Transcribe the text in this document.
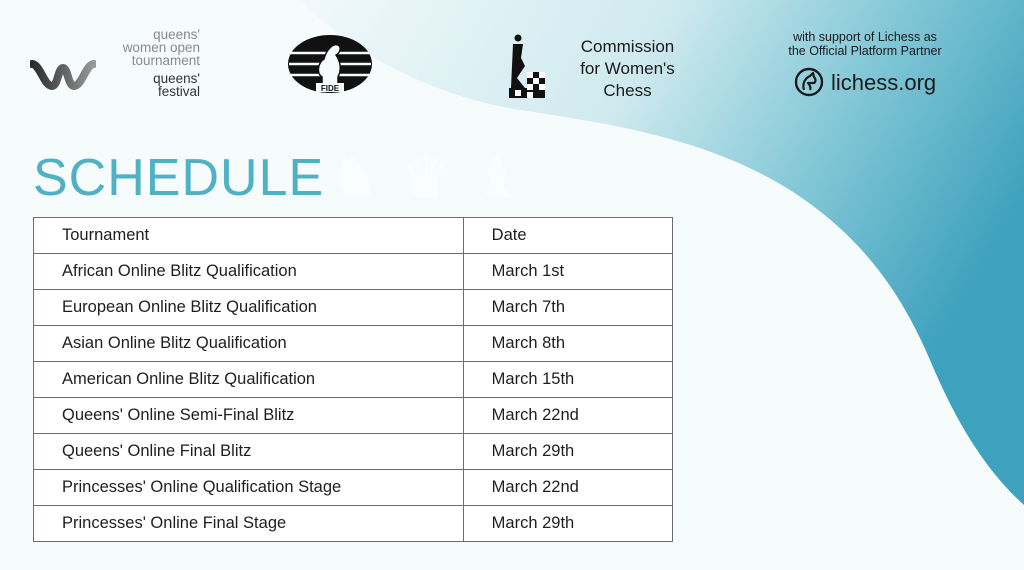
♞ ♛ ♝
queens'
women open
tournament
queens'
festival	FIDE
Commission
for Women's
Chess
with support of Lichess as
the Official Platform Partner
lichess.org
SCHEDULE
Tournament	Date
African Online Blitz Qualification	March 1st
European Online Blitz Qualification	March 7th
Asian Online Blitz Qualification	March 8th
American Online Blitz Qualification	March 15th
Queens' Online Semi-Final Blitz	March 22nd
Queens' Online Final Blitz	March 29th
Princesses' Online Qualification Stage	March 22nd
Princesses' Online Final Stage	March 29th
